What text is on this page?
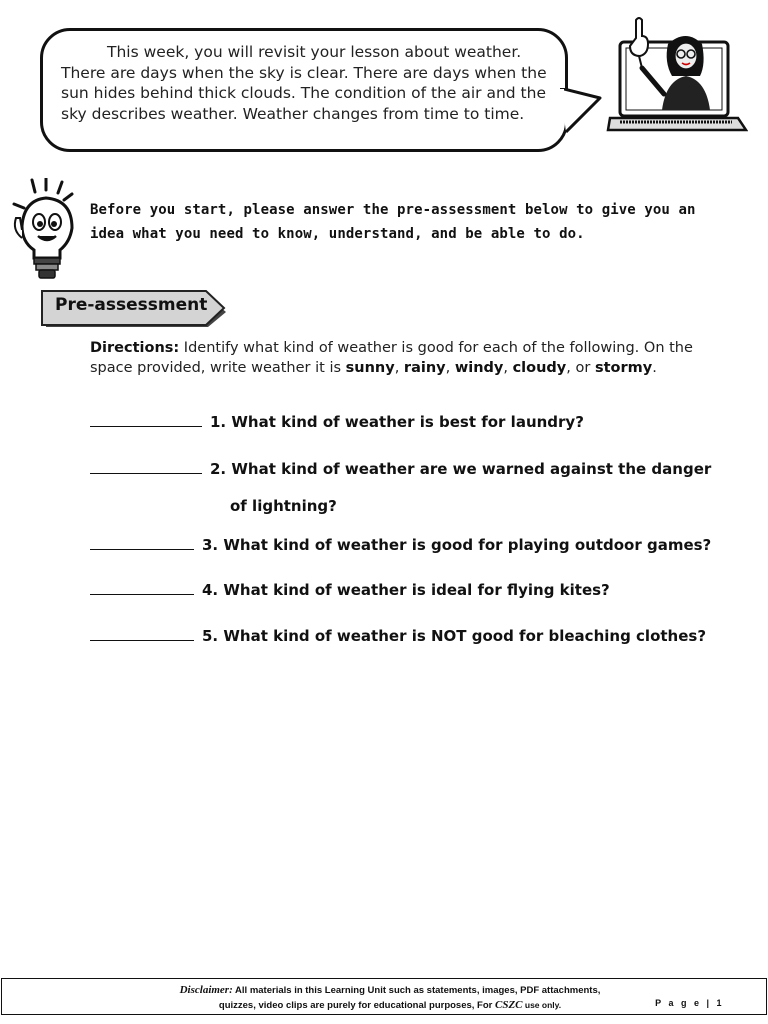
This week, you will revisit your lesson about weather. There are days when the sky is clear. There are days when the sun hides behind thick clouds. The condition of the air and the sky describes weather. Weather changes from time to time.

Before you start, please answer the pre-assessment below to give you an idea what you need to know, understand, and be able to do.
Pre-assessment
Directions: Identify what kind of weather is good for each of the following. On the space provided, write weather it is sunny, rainy, windy, cloudy, or stormy.
1. What kind of weather is best for laundry?
2. What kind of weather are we warned against the danger
of lightning?
3. What kind of weather is good for playing outdoor games?
4. What kind of weather is ideal for flying kites?
5. What kind of weather is NOT good for bleaching clothes?
Disclaimer: All materials in this Learning Unit such as statements, images, PDF attachments,
quizzes, video clips are purely for educational purposes, For CSZC use only.	P a g e | 1
